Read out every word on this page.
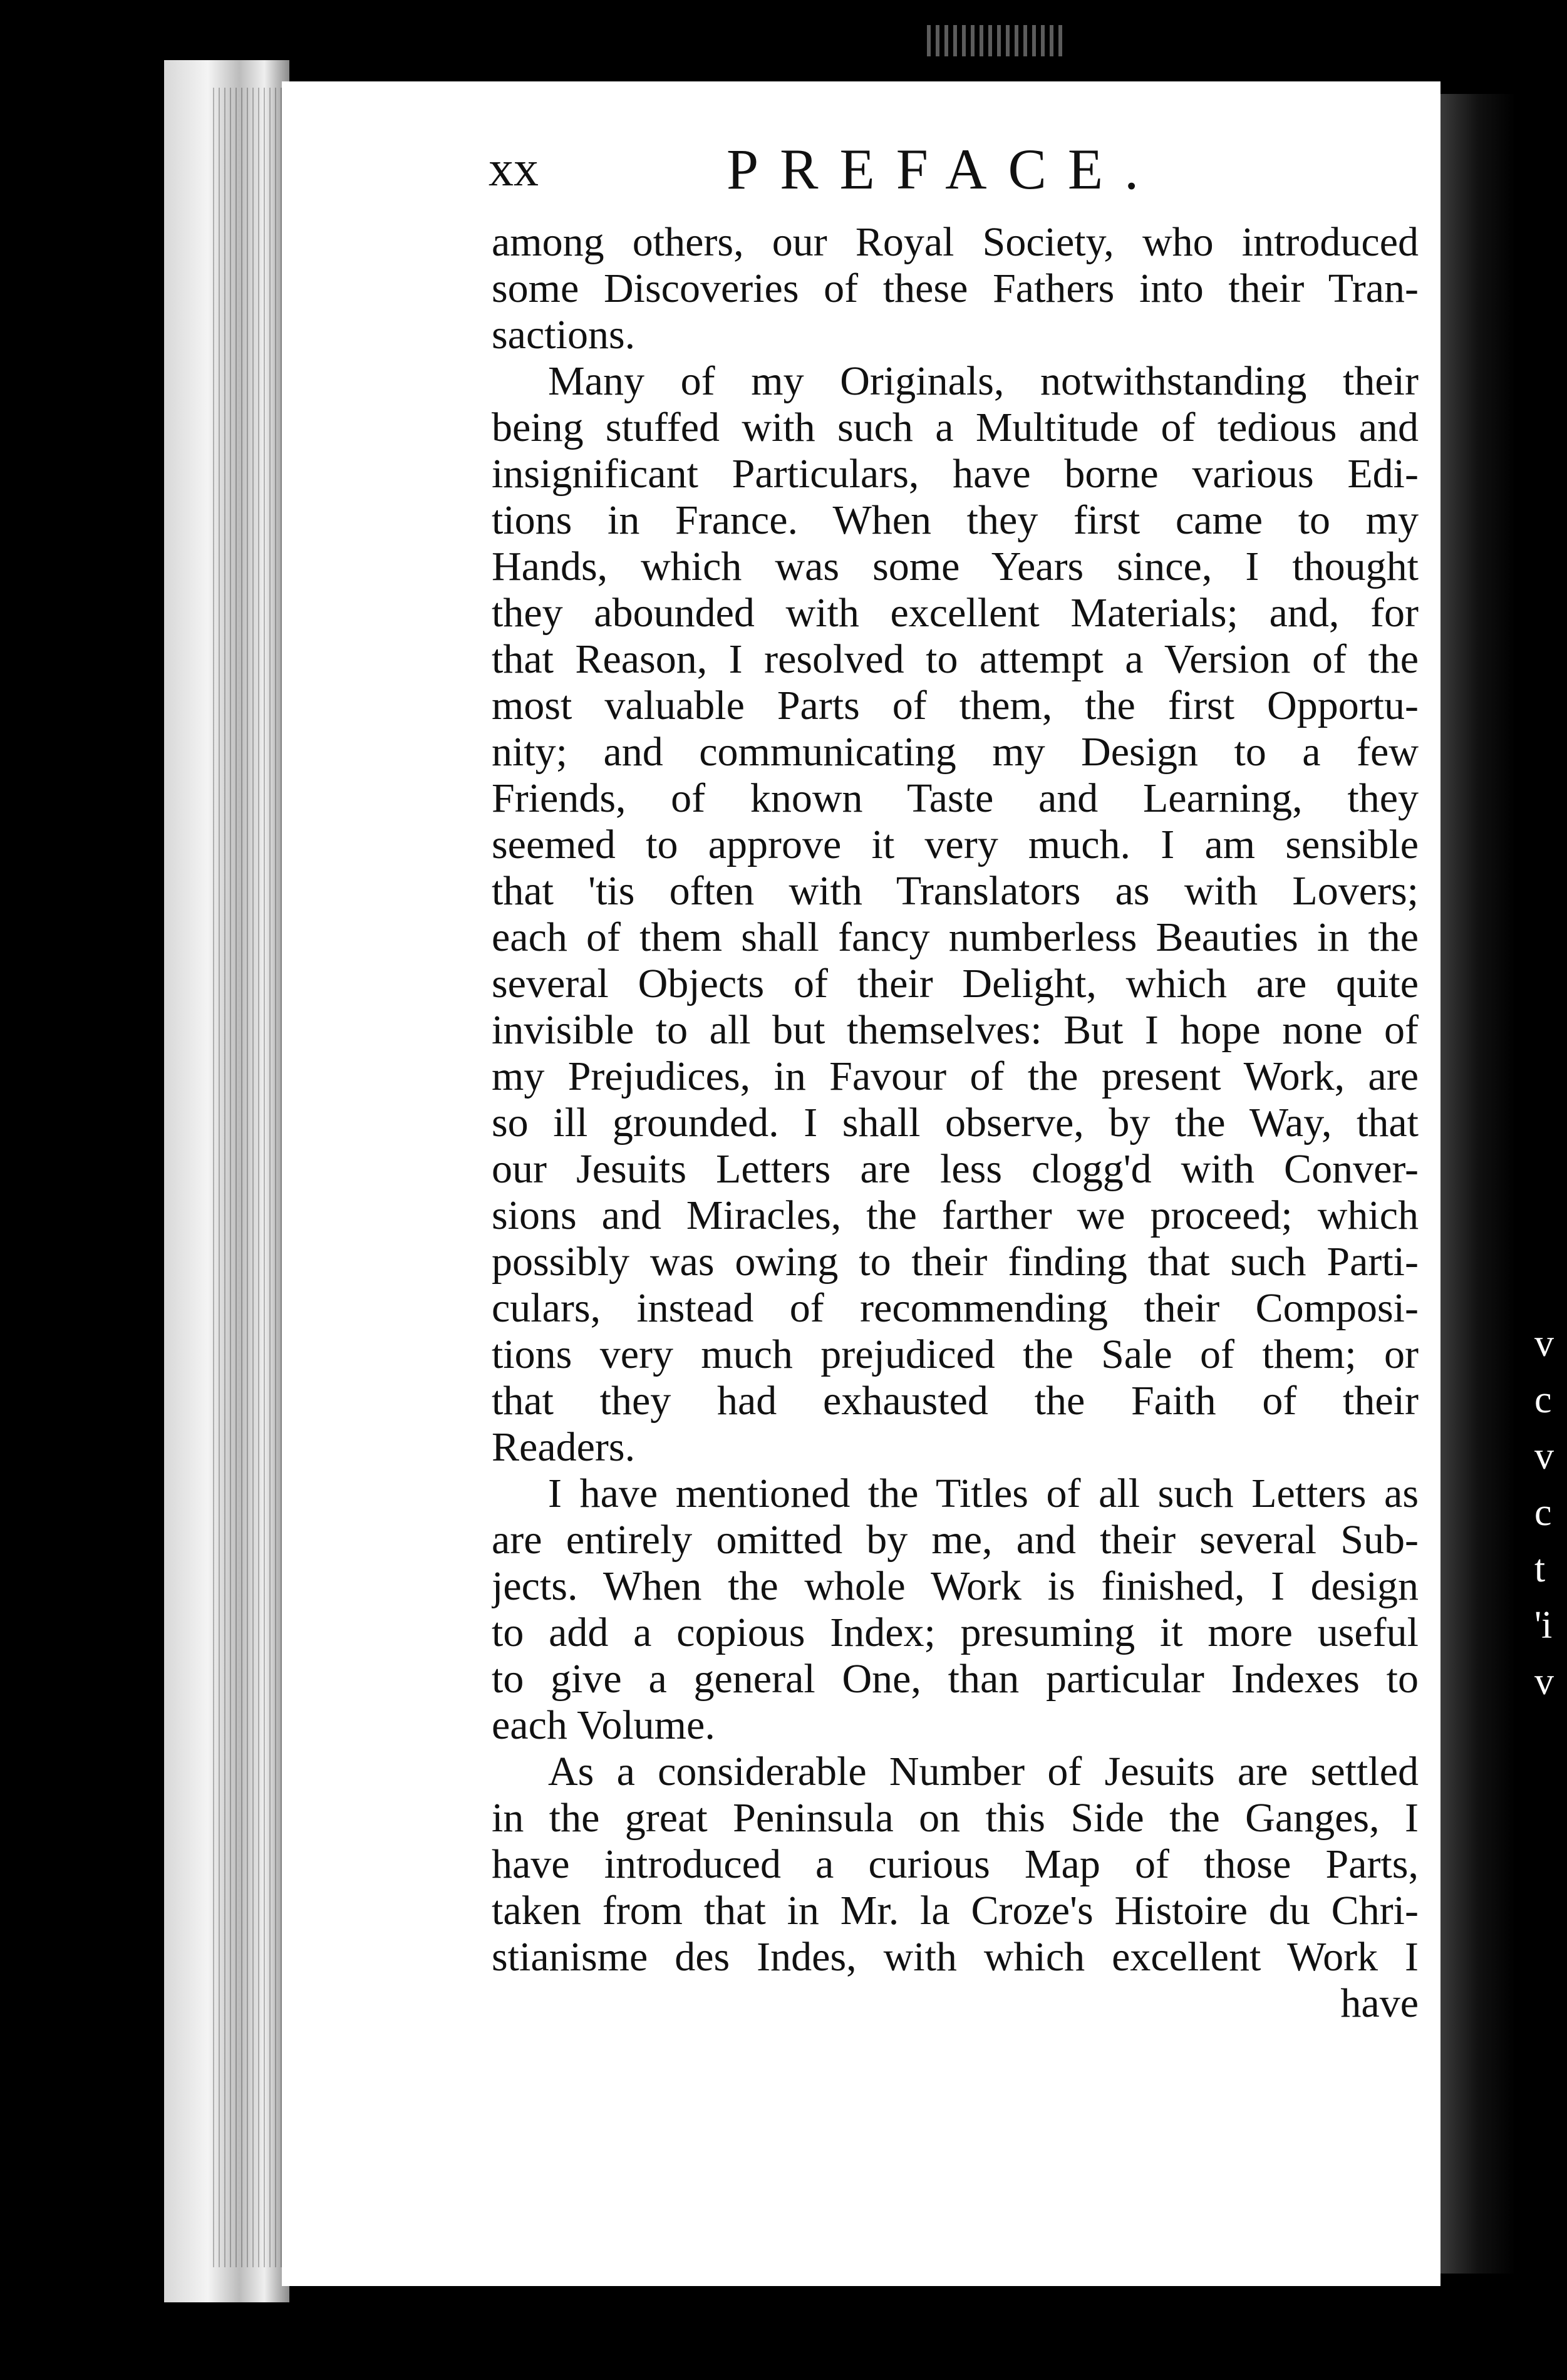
v c v c t 'i v
xx	PREFACE.
among others, our Royal Society, who introduced
some Discoveries of these Fathers into their Tran-
sactions.
Many of my Originals, notwithstanding their
being stuffed with such a Multitude of tedious and
insignificant Particulars, have borne various Edi-
tions in France. When they first came to my
Hands, which was some Years since, I thought
they abounded with excellent Materials; and, for
that Reason, I resolved to attempt a Version of the
most valuable Parts of them, the first Opportu-
nity; and communicating my Design to a few
Friends, of known Taste and Learning, they
seemed to approve it very much. I am sensible
that 'tis often with Translators as with Lovers;
each of them shall fancy numberless Beauties in the
several Objects of their Delight, which are quite
invisible to all but themselves: But I hope none of
my Prejudices, in Favour of the present Work, are
so ill grounded. I shall observe, by the Way, that
our Jesuits Letters are less clogg'd with Conver-
sions and Miracles, the farther we proceed; which
possibly was owing to their finding that such Parti-
culars, instead of recommending their Composi-
tions very much prejudiced the Sale of them; or
that they had exhausted the Faith of their
Readers.
I have mentioned the Titles of all such Letters as
are entirely omitted by me, and their several Sub-
jects. When the whole Work is finished, I design
to add a copious Index; presuming it more useful
to give a general One, than particular Indexes to
each Volume.
As a considerable Number of Jesuits are settled
in the great Peninsula on this Side the Ganges, I
have introduced a curious Map of those Parts,
taken from that in Mr. la Croze's Histoire du Chri-
stianisme des Indes, with which excellent Work I
have
